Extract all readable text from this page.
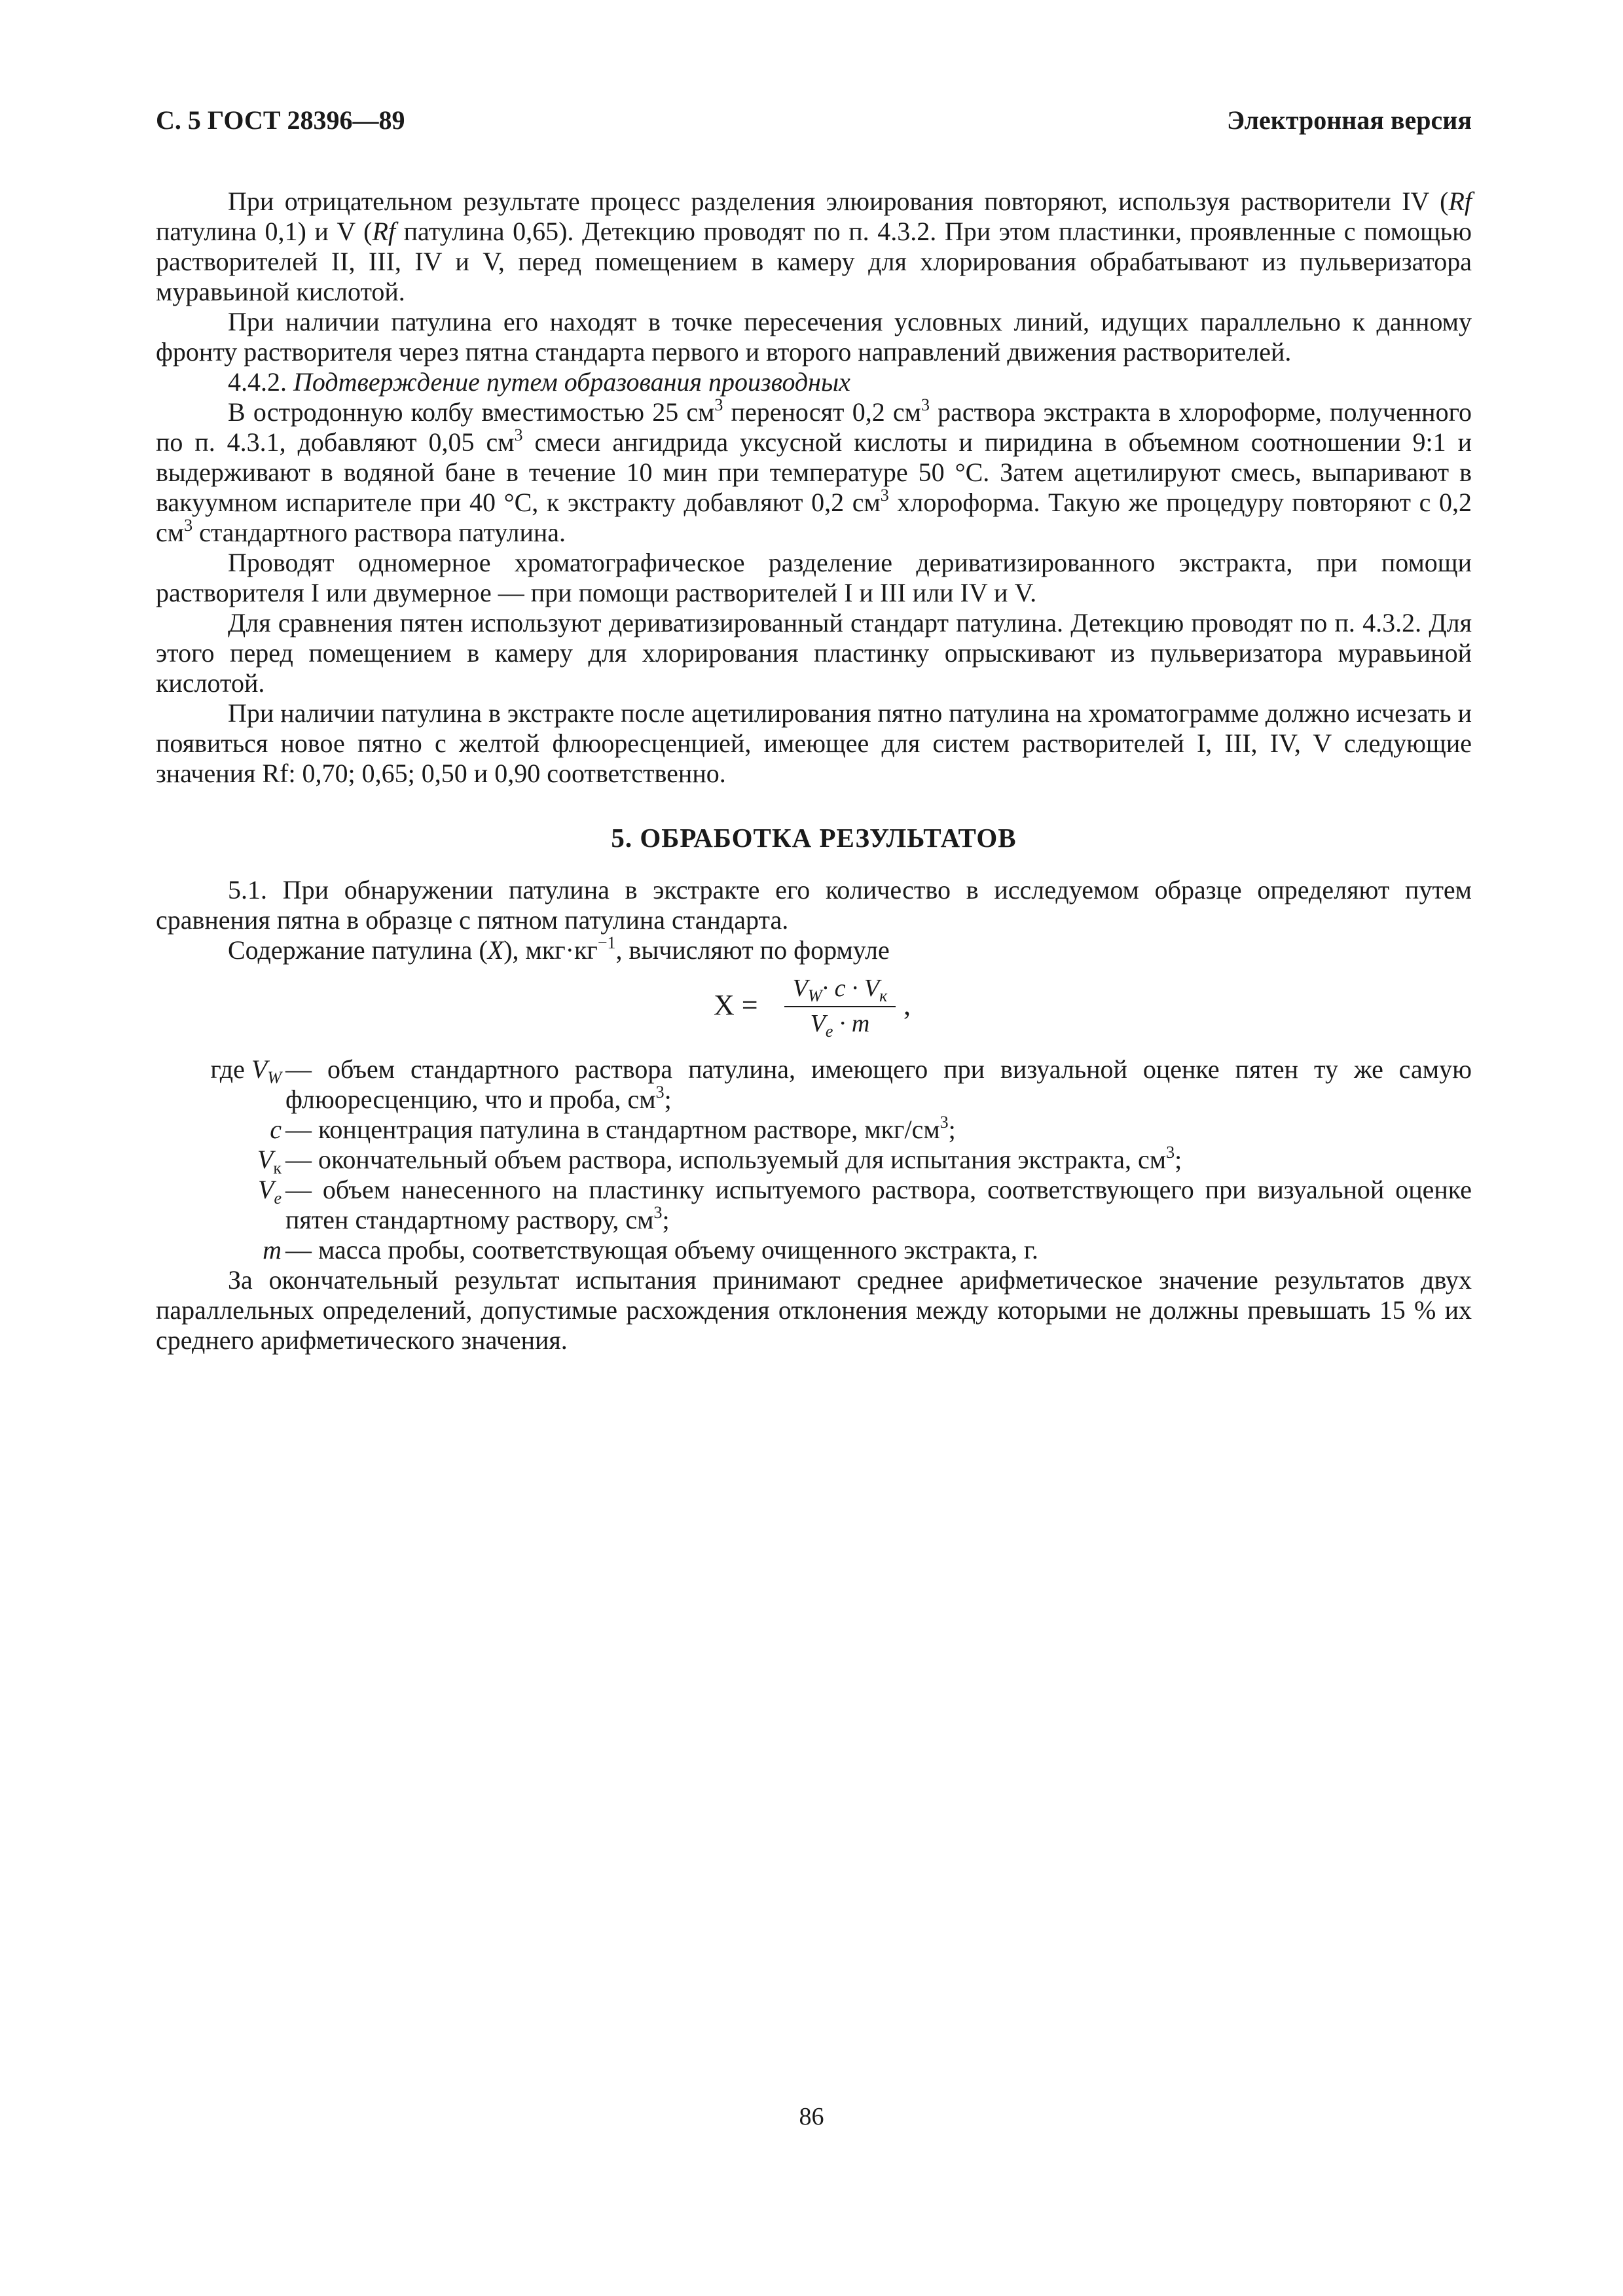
С. 5 ГОСТ 28396—89	Электронная версия

При отрицательном результате процесс разделения элюирования повторяют, используя растворители IV (Rf патулина 0,1) и V (Rf патулина 0,65). Детекцию проводят по п. 4.3.2. При этом пластинки, проявленные с помощью растворителей II, III, IV и V, перед помещением в камеру для хлорирования обрабатывают из пульверизатора муравьиной кислотой.

При наличии патулина его находят в точке пересечения условных линий, идущих параллельно к данному фронту растворителя через пятна стандарта первого и второго направлений движения растворителей.

4.4.2. Подтверждение путем образования производных

В остродонную колбу вместимостью 25 $см^3$ переносят 0,2 $см^3$ раствора экстракта в хлороформе, полученного по п. 4.3.1, добавляют 0,05 $см^3$ смеси ангидрида уксусной кислоты и пиридина в объемном соотношении 9:1 и выдерживают в водяной бане в течение 10 мин при температуре 50 °С. Затем ацетилируют смесь, выпаривают в вакуумном испарителе при 40 °С, к экстракту добавляют 0,2 $см^3$ хлороформа. Такую же процедуру повторяют с 0,2 $см^3$ стандартного раствора патулина.

Проводят одномерное хроматографическое разделение дериватизированного экстракта, при помощи растворителя I или двумерное — при помощи растворителей I и III или IV и V.

Для сравнения пятен используют дериватизированный стандарт патулина. Детекцию проводят по п. 4.3.2. Для этого перед помещением в камеру для хлорирования пластинку опрыскивают из пульверизатора муравьиной кислотой.

При наличии патулина в экстракте после ацетилирования пятно патулина на хроматограмме должно исчезать и появиться новое пятно с желтой флюоресценцией, имеющее для систем растворителей I, III, IV, V следующие значения Rf: 0,70; 0,65; 0,50 и 0,90 соответственно.

5. ОБРАБОТКА РЕЗУЛЬТАТОВ

5.1. При обнаружении патулина в экстракте его количество в исследуемом образце определяют путем сравнения пятна в образце с пятном патулина стандарта.

Содержание патулина (X), $мкг\cdot кг^{-1}$, вычисляют по формуле

X =
$V_W\cdot c \cdot V_к$
$V_e \cdot m$
,
где $V_W$ — объем стандартного раствора патулина, имеющего при визуальной оценке пятен ту же самую флюоресценцию, что и проба, $см^3$;
c — концентрация патулина в стандартном растворе, мкг/$см^3$;
$V_к$ — окончательный объем раствора, используемый для испытания экстракта, $см^3$;
$V_e$ — объем нанесенного на пластинку испытуемого раствора, соответствующего при визуальной оценке пятен стандартному раствору, $см^3$;
m — масса пробы, соответствующая объему очищенного экстракта, г.

За окончательный результат испытания принимают среднее арифметическое значение результатов двух параллельных определений, допустимые расхождения отклонения между которыми не должны превышать 15 % их среднего арифметического значения.

86
